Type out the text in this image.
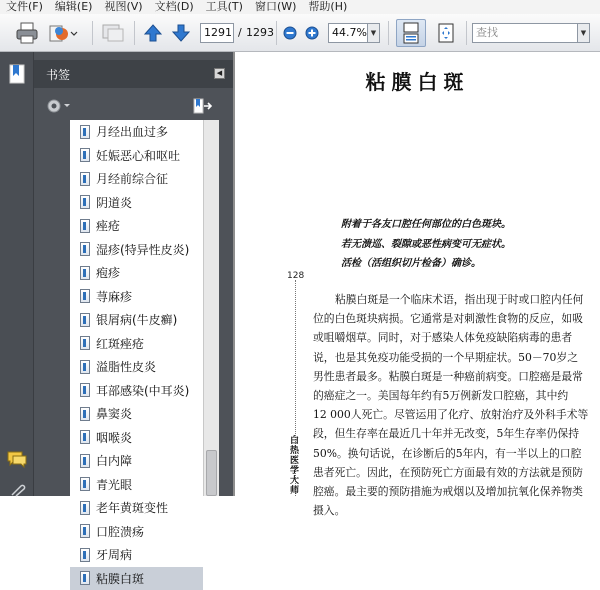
文件(F)	编辑(E)	视图(V)	文档(D)	工具(T)	窗口(W)	帮助(H)
1291 / 1293	44.7% ▼	查找	▼
书签	◀
月经出血过多
妊娠恶心和呕吐
月经前综合征
阴道炎
痤疮
湿疹(特异性皮炎)
疱疹
荨麻疹
银屑病(牛皮癣)
红斑痤疮
溢脂性皮炎
耳部感染(中耳炎)
鼻窦炎
咽喉炎
白内障
青光眼
老年黄斑变性
口腔溃疡
牙周病
粘膜白斑
粘膜白斑
附着于各友口腔任何部位的白色斑块。
若无溃巡、裂隙或恶性病变可无症状。
活检（活组织切片检备）确诊。
128
白热医学大师

粘膜白斑是一个临床术语，指出现于时或口腔内任何

位的白色斑块病损。它通常是对刺激性食物的反应，如吸

或咀嚼烟草。同时，对于感染人体免疫缺陷病毒的患者

说，也是其免疫功能受损的一个早期症状。50－70岁之

男性患者最多。粘膜白斑是一种癌前病变。口腔癌是最常

的癌症之一。美国每年约有5万例新发口腔癌，其中约

12 000人死亡。尽管运用了化疗、放射治疗及外科手术等

段，但生存率在最近几十年并无改变，5年生存率仍保持

50%。换句话说，在诊断后的5年内，有一半以上的口腔

患者死亡。因此，在预防死亡方面最有效的方法就是预防

腔癌。最主要的预防措施为戒烟以及增加抗氧化保养物类

摄入。
